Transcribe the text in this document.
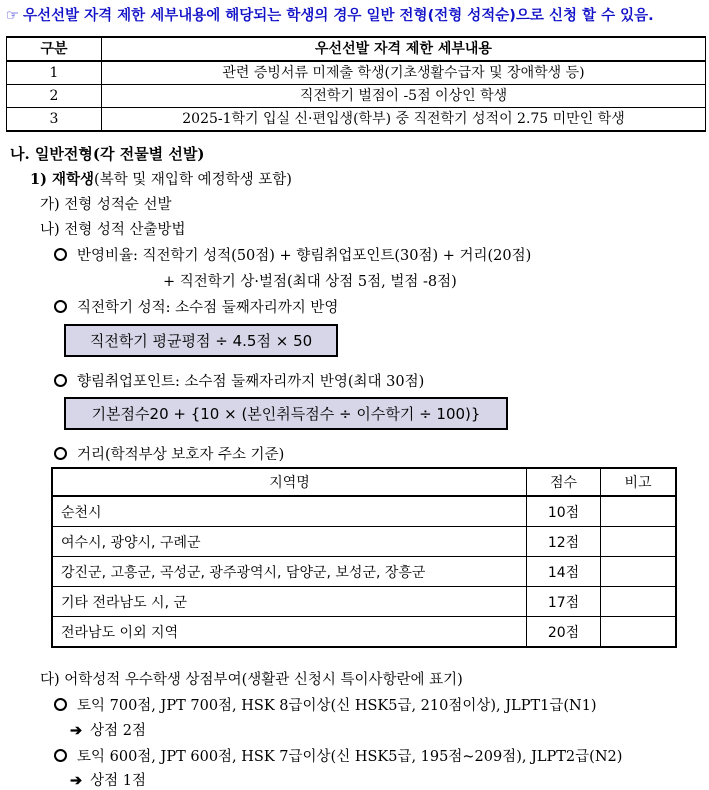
☞ 우선선발 자격 제한 세부내용에 해당되는 학생의 경우 일반 전형(전형 성적순)으로 신청 할 수 있음.
구분	우선선발 자격 제한 세부내용
1	관련 증빙서류 미제출 학생(기초생활수급자 및 장애학생 등)
2	직전학기 벌점이 -5점 이상인 학생
3	2025-1학기 입실 신·편입생(학부) 중 직전학기 성적이 2.75 미만인 학생
나. 일반전형(각 전물별 선발)
1) 재학생(복학 및 재입학 예정학생 포함)
가) 전형 성적순 선발
나) 전형 성적 산출방법
반영비율: 직전학기 성적(50점) + 향림취업포인트(30점) + 거리(20점)
+ 직전학기 상·벌점(최대 상점 5점, 벌점 -8점)
직전학기 성적: 소수점 둘째자리까지 반영
직전학기 평균평점 ÷ 4.5점 × 50
향림취업포인트: 소수점 둘째자리까지 반영(최대 30점)
기본점수20 + {10 × (본인취득점수 ÷ 이수학기 ÷ 100)}
거리(학적부상 보호자 주소 기준)
지역명	점수	비고
순천시	10점	
여수시, 광양시, 구례군	12점	
강진군, 고흥군, 곡성군, 광주광역시, 담양군, 보성군, 장흥군	14점	
기타 전라남도 시, 군	17점	
전라남도 이외 지역	20점	
다) 어학성적 우수학생 상점부여(생활관 신청시 특이사항란에 표기)
토익 700점, JPT 700점, HSK 8급이상(신 HSK5급, 210점이상), JLPT1급(N1)
➔ 상점 2점
토익 600점, JPT 600점, HSK 7급이상(신 HSK5급, 195점~209점), JLPT2급(N2)
➔ 상점 1점
